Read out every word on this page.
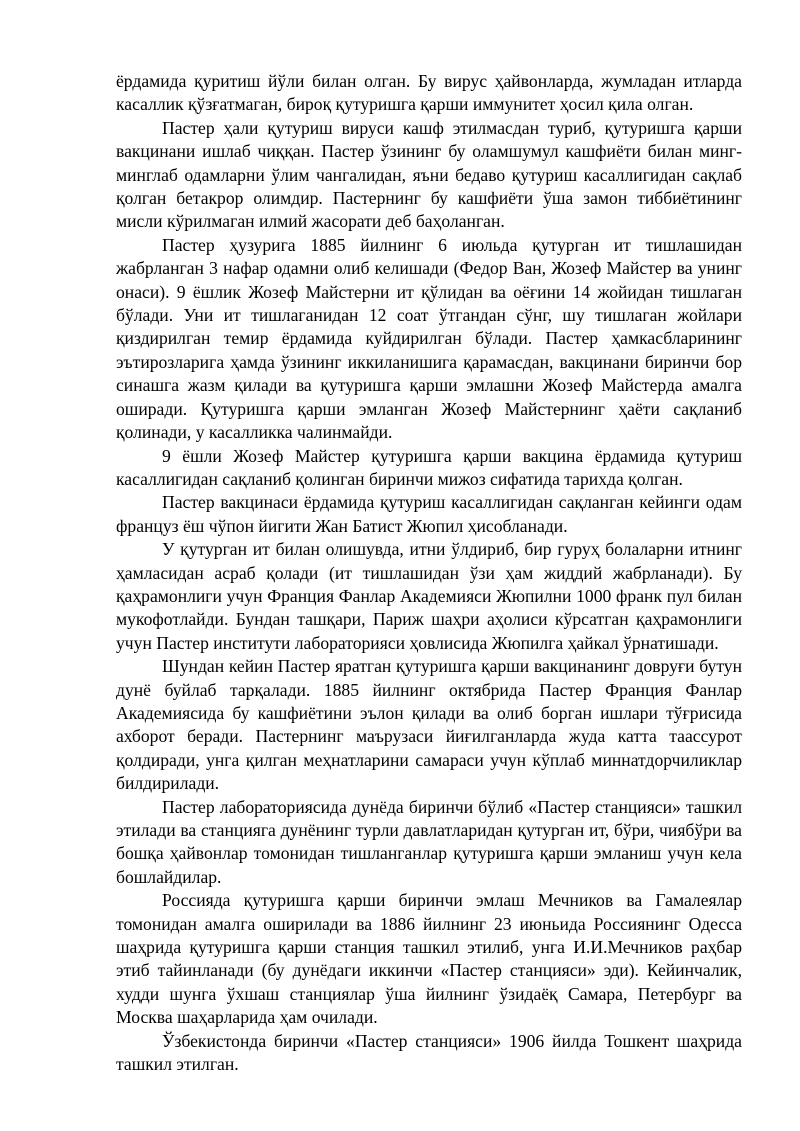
ёрдамида қуритиш йўли билан олган. Бу вирус ҳайвонларда, жумладан итларда касаллик қўзғатмаган, бироқ қутуришга қарши иммунитет ҳосил қила олган.

Пастер ҳали қутуриш вируси кашф этилмасдан туриб, қутуришга қарши вакцинани ишлаб чиққан. Пастер ўзининг бу оламшумул кашфиёти билан минг-минглаб одамларни ўлим чангалидан, яъни бедаво қутуриш касаллигидан сақлаб қолган бетакрор олимдир. Пастернинг бу кашфиёти ўша замон тиббиётининг мисли кўрилмаган илмий жасорати деб баҳоланган.

Пастер ҳузурига 1885 йилнинг 6 июльда қутурган ит тишлашидан жабрланган 3 нафар одамни олиб келишади (Федор Ван, Жозеф Майстер ва унинг онаси). 9 ёшлик Жозеф Майстерни ит қўлидан ва оёғини 14 жойидан тишлаган бўлади. Уни ит тишлаганидан 12 соат ўтгандан сўнг, шу тишлаган жойлари қиздирилган темир ёрдамида куйдирилган бўлади. Пастер ҳамкасбларининг эътирозларига ҳамда ўзининг иккиланишига қарамасдан, вакцинани биринчи бор синашга жазм қилади ва қутуришга қарши эмлашни Жозеф Майстерда амалга оширади. Қутуришга қарши эмланган Жозеф Майстернинг ҳаёти сақланиб қолинади, у касалликка чалинмайди.

9 ёшли Жозеф Майстер қутуришга қарши вакцина ёрдамида қутуриш касаллигидан сақланиб қолинган биринчи мижоз сифатида тарихда қолган.

Пастер вакцинаси ёрдамида қутуриш касаллигидан сақланган кейинги одам француз ёш чўпон йигити Жан Батист Жюпил ҳисобланади.

У қутурган ит билан олишувда, итни ўлдириб, бир гуруҳ болаларни итнинг ҳамласидан асраб қолади (ит тишлашидан ўзи ҳам жиддий жабрланади). Бу қаҳрамонлиги учун Франция Фанлар Академияси Жюпилни 1000 франк пул билан мукофотлайди. Бундан ташқари, Париж шаҳри аҳолиси кўрсатган қаҳрамонлиги учун Пастер институти лабораторияси ҳовлисида Жюпилга ҳайкал ўрнатишади.

Шундан кейин Пастер яратган қутуришга қарши вакцинанинг довруғи бутун дунё буйлаб тарқалади. 1885 йилнинг октябрида Пастер Франция Фанлар Академиясида бу кашфиётини эълон қилади ва олиб борган ишлари тўғрисида ахборот беради. Пастернинг маърузаси йиғилганларда жуда катта таассурот қолдиради, унга қилган меҳнатларини самараси учун кўплаб миннатдорчиликлар билдирилади.

Пастер лабораториясида дунёда биринчи бўлиб «Пастер станцияси» ташкил этилади ва станцияга дунёнинг турли давлатларидан қутурган ит, бўри, чиябўри ва бошқа ҳайвонлар томонидан тишланганлар қутуришга қарши эмланиш учун кела бошлайдилар.

Россияда қутуришга қарши биринчи эмлаш Мечников ва Гамалеялар томонидан амалга оширилади ва 1886 йилнинг 23 июньида Россиянинг Одесса шаҳрида қутуришга қарши станция ташкил этилиб, унга И.И.Мечников раҳбар этиб тайинланади (бу дунёдаги иккинчи «Пастер станцияси» эди). Кейинчалик, худди шунга ўхшаш станциялар ўша йилнинг ўзидаёқ Самара, Петербург ва Москва шаҳарларида ҳам очилади.

Ўзбекистонда биринчи «Пастер станцияси» 1906 йилда Тошкент шаҳрида ташкил этилган.
